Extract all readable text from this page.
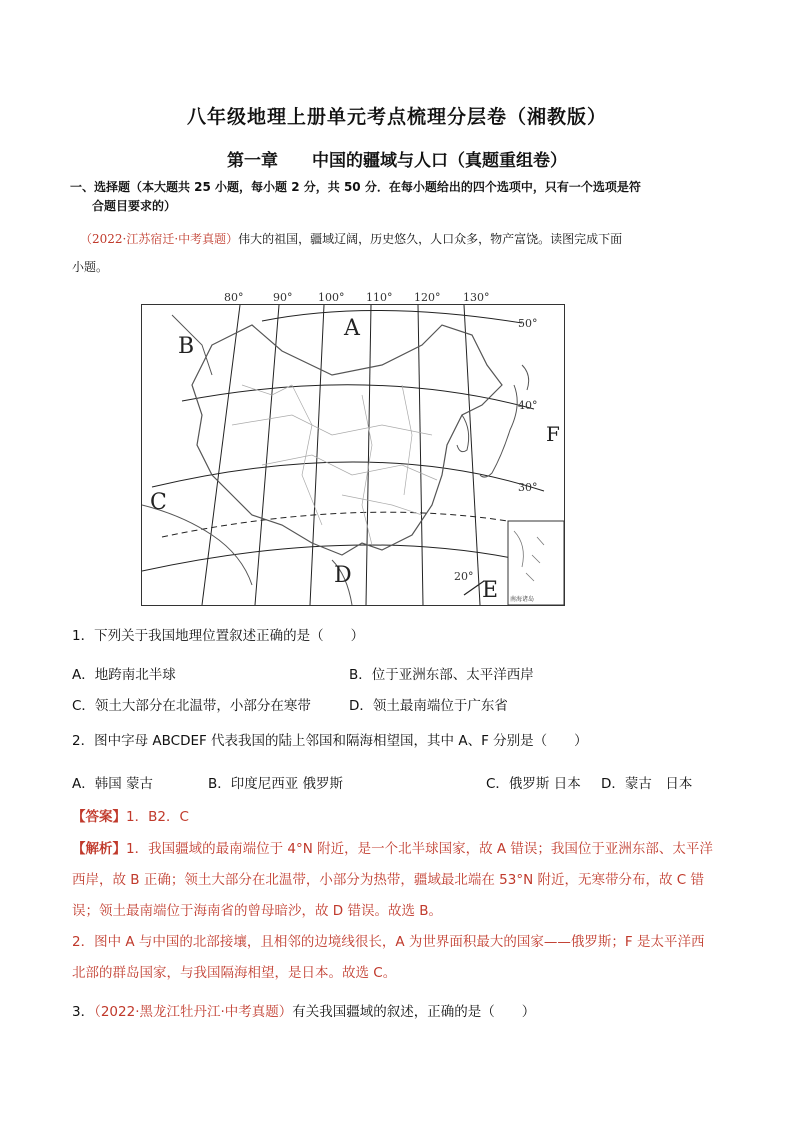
八年级地理上册单元考点梳理分层卷（湘教版）
第一章 中国的疆域与人口（真题重组卷）
一、选择题（本大题共 25 小题，每小题 2 分，共 50 分．在每小题给出的四个选项中，只有一个选项是符
合题目要求的）
（2022·江苏宿迁·中考真题）伟大的祖国，疆域辽阔，历史悠久，人口众多，物产富饶。读图完成下面
小题。
80°	90° 100° 110° 120° 130°
50°
40°
30°
20°
A
B
C
D
E
F
南海诸岛
1．下列关于我国地理位置叙述正确的是（　　）
A．地跨南北半球	B．位于亚洲东部、太平洋西岸
C．领土大部分在北温带，小部分在寒带	D．领土最南端位于广东省
2．图中字母 ABCDEF 代表我国的陆上邻国和隔海相望国，其中 A、F 分别是（　　）
A．韩国 蒙古	B．印度尼西亚 俄罗斯	C．俄罗斯 日本 D．蒙古　日本
【答案】1．B2．C
【解析】1．我国疆域的最南端位于 4°N 附近，是一个北半球国家，故 A 错误；我国位于亚洲东部、太平洋
西岸，故 B 正确；领土大部分在北温带，小部分为热带，疆域最北端在 53°N 附近，无寒带分布，故 C 错
误；领土最南端位于海南省的曾母暗沙，故 D 错误。故选 B。
2．图中 A 与中国的北部接壤，且相邻的边境线很长，A 为世界面积最大的国家——俄罗斯；F 是太平洋西
北部的群岛国家，与我国隔海相望，是日本。故选 C。
3．（2022·黑龙江牡丹江·中考真题）有关我国疆域的叙述，正确的是（　　）
